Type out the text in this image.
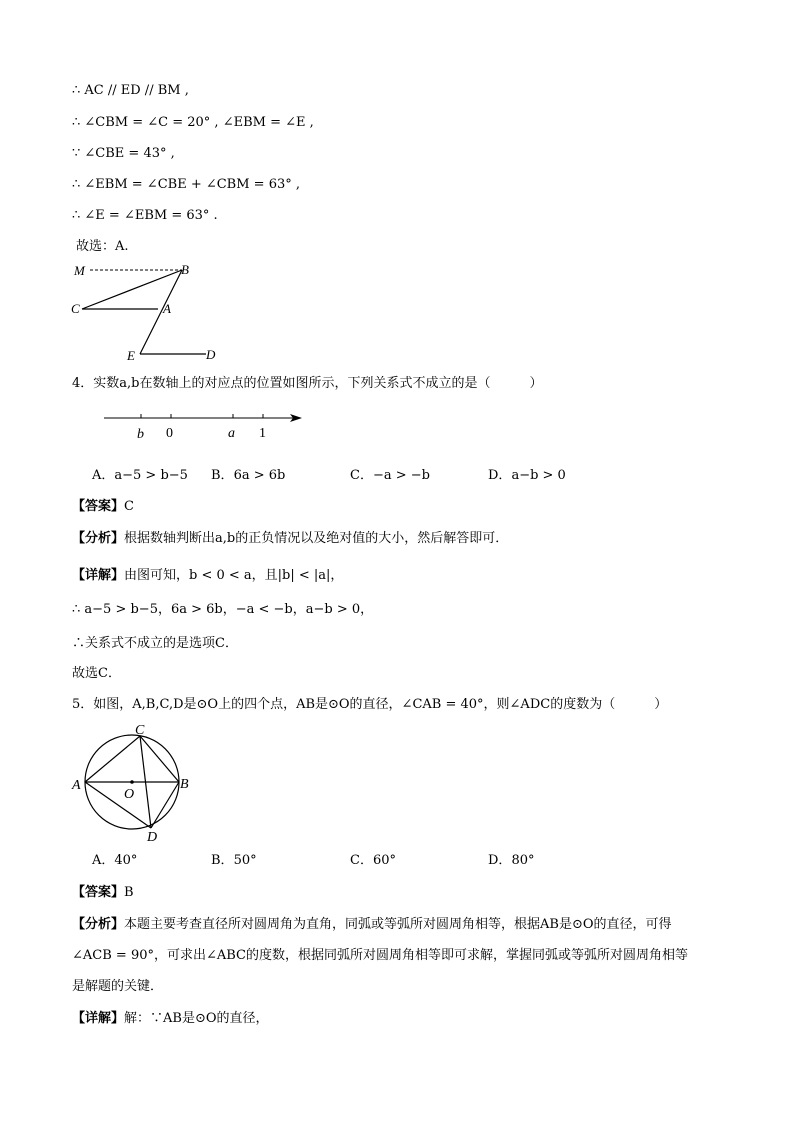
∴ AC // ED // BM ,
∴ ∠CBM = ∠C = 20° , ∠EBM = ∠E ,
∵ ∠CBE = 43° ,
∴ ∠EBM = ∠CBE + ∠CBM = 63° ,
∴ ∠E = ∠EBM = 63° .
故选：A.
M	B
C	A
E	D
4．实数a,b在数轴上的对应点的位置如图所示，下列关系式不成立的是（　　　）
b 0	a 1
A．a−5 > b−5 B．6a > 6b	C．−a > −b	D．a−b > 0
【答案】C
【分析】根据数轴判断出a,b的正负情况以及绝对值的大小，然后解答即可．
【详解】由图可知，b < 0 < a，且|b| < |a|，
∴ a−5 > b−5，6a > 6b，−a < −b，a−b > 0，
∴关系式不成立的是选项C．
故选C．
5．如图，A,B,C,D是⊙O上的四个点，AB是⊙O的直径，∠CAB = 40°，则∠ADC的度数为（　　　）
A	B
C
D
O
A．40°	B．50°	C．60°	D．80°
【答案】B
【分析】本题主要考查直径所对圆周角为直角，同弧或等弧所对圆周角相等，根据AB是⊙O的直径，可得
∠ACB = 90°，可求出∠ABC的度数，根据同弧所对圆周角相等即可求解，掌握同弧或等弧所对圆周角相等
是解题的关键．
【详解】解：∵AB是⊙O的直径，
